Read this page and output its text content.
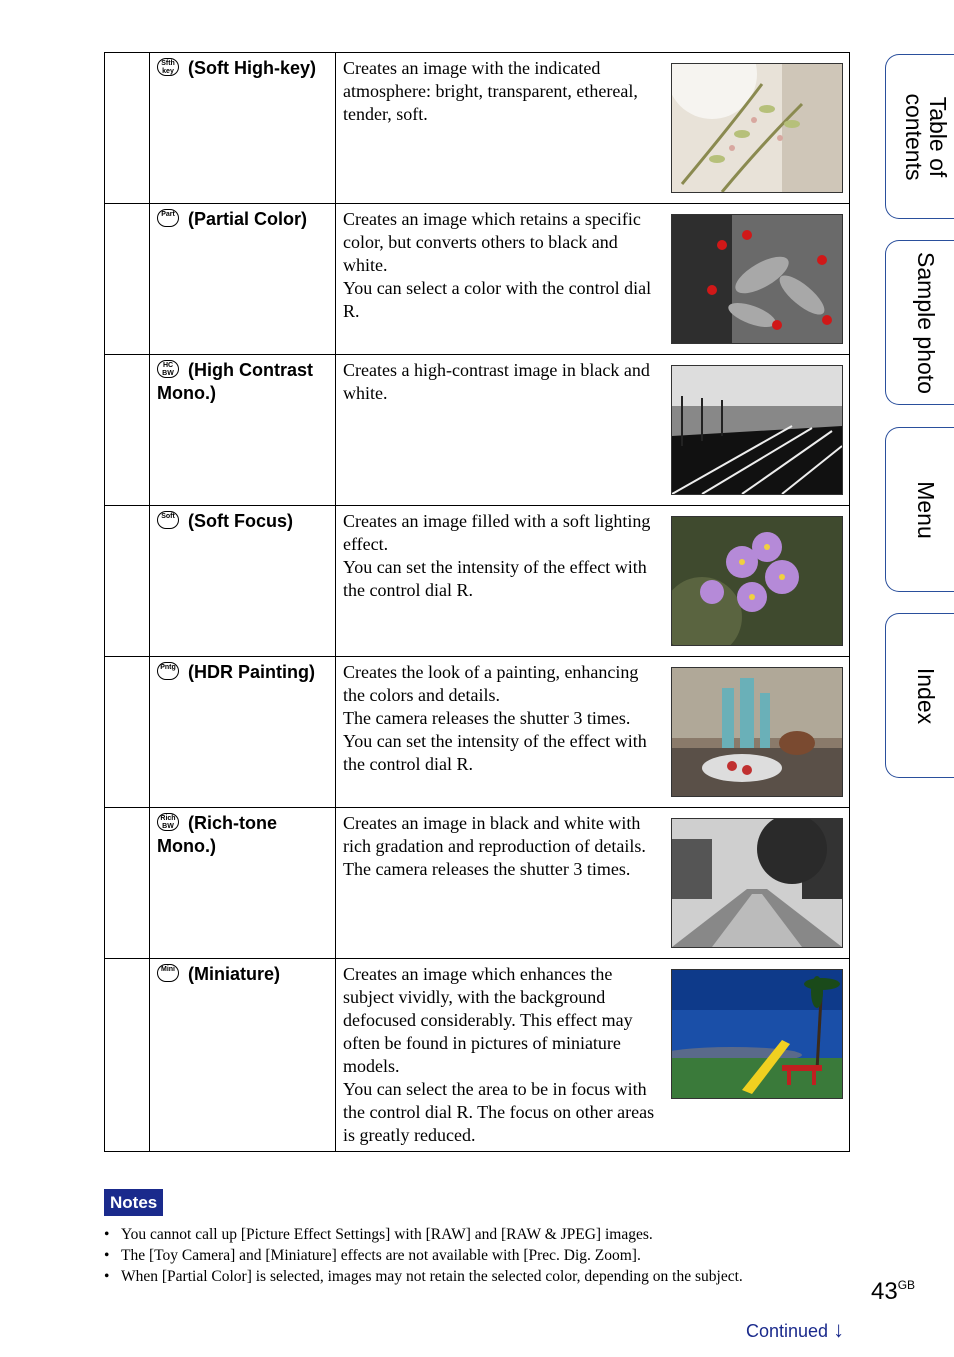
	Sfth key (Soft High-key)	Creates an image with the indicated atmosphere: bright, transparent, ethereal, tender, soft.

	Part (Partial Color)	Creates an image which retains a specific color, but converts others to black and white.

You can select a color with the control dial R.

	HC BW (High Contrast Mono.)	Creates a high-contrast image in black and white.

	Soft (Soft Focus)	Creates an image filled with a soft lighting effect.

You can set the intensity of the effect with the control dial R.

	Pntg (HDR Painting)	Creates the look of a painting, enhancing the colors and details.

The camera releases the shutter 3 times.

You can set the intensity of the effect with the control dial R.

	Rich BW (Rich-tone Mono.)	Creates an image in black and white with rich gradation and reproduction of details. The camera releases the shutter 3 times.

	Mini (Miniature)	Creates an image which enhances the subject vividly, with the background defocused considerably. This effect may often be found in pictures of miniature models.

You can select the area to be in focus with the control dial R. The focus on other areas is greatly reduced.

Notes
• You cannot call up [Picture Effect Settings] with [RAW] and [RAW & JPEG] images.
• The [Toy Camera] and [Miniature] effects are not available with [Prec. Dig. Zoom].
• When [Partial Color] is selected, images may not retain the selected color, depending on the subject.
$43^{GB}$
Continued ↓
Table of contents
Sample photo
Menu
Index
